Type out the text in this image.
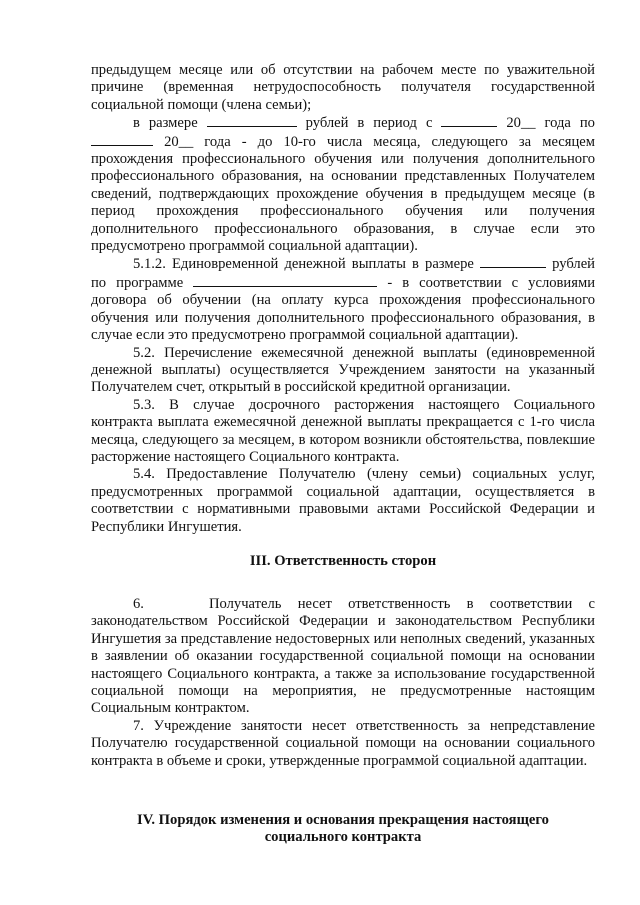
предыдущем месяце или об отсутствии на рабочем месте по уважительной причине (временная нетрудоспособность получателя государственной социальной помощи (члена семьи);

в размере	рублей в период с	20__ года по  20__ года - до 10-го числа месяца, следующего за месяцем прохождения профессионального обучения или получения дополнительного профессионального образования, на основании представленных Получателем сведений, подтверждающих прохождение обучения в предыдущем месяце (в период прохождения профессионального обучения или получения дополнительного профессионального образования, в случае если это предусмотрено программой социальной адаптации).

5.1.2. Единовременной денежной выплаты в размере	рублей по программе	- в соответствии с условиями договора об обучении (на оплату курса прохождения профессионального обучения или получения дополнительного профессионального образования, в случае если это предусмотрено программой социальной адаптации).

5.2. Перечисление ежемесячной денежной выплаты (единовременной денежной выплаты) осуществляется Учреждением занятости на указанный Получателем счет, открытый в российской кредитной организации.

5.3. В случае досрочного расторжения настоящего Социального контракта выплата ежемесячной денежной выплаты прекращается с 1-го числа месяца, следующего за месяцем, в котором возникли обстоятельства, повлекшие расторжение настоящего Социального контракта.

5.4. Предоставление Получателю (члену семьи) социальных услуг, предусмотренных программой социальной адаптации, осуществляется в соответствии с нормативными правовыми актами Российской Федерации и Республики Ингушетия.

III. Ответственность сторон

6.    Получатель несет ответственность в соответствии с законодательством Российской Федерации и законодательством Республики Ингушетия за представление недостоверных или неполных сведений, указанных в заявлении об оказании государственной социальной помощи на основании настоящего Социального контракта, а также за использование государственной социальной помощи на мероприятия, не предусмотренные настоящим Социальным контрактом.

7. Учреждение занятости несет ответственность за непредставление Получателю государственной социальной помощи на основании социального контракта в объеме и сроки, утвержденные программой социальной адаптации.

IV. Порядок изменения и основания прекращения настоящего
социального контракта
